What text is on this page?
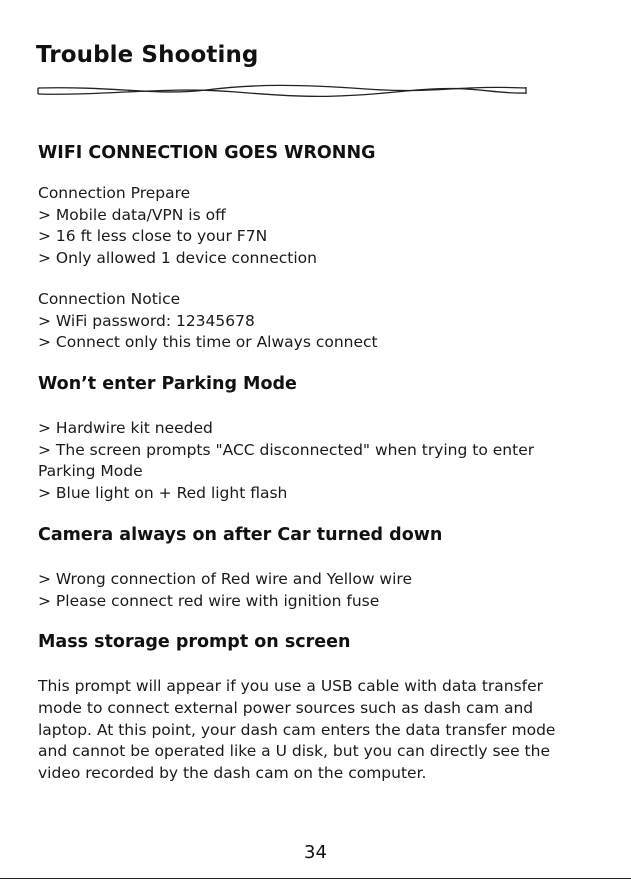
Trouble Shooting
WIFI CONNECTION GOES WRONNG
Connection Prepare
> Mobile data/VPN is off
> 16 ft less close to your F7N
> Only allowed 1 device connection
Connection Notice
> WiFi password: 12345678
> Connect only this time or Always connect
Won’t enter Parking Mode
> Hardwire kit needed
> The screen prompts "ACC disconnected" when trying to enter
Parking Mode
> Blue light on + Red light flash
Camera always on after Car turned down
> Wrong connection of Red wire and Yellow wire
> Please connect red wire with ignition fuse
Mass storage prompt on screen
This prompt will appear if you use a USB cable with data transfer
mode to connect external power sources such as dash cam and
laptop. At this point, your dash cam enters the data transfer mode
and cannot be operated like a U disk, but you can directly see the
video recorded by the dash cam on the computer.
34
